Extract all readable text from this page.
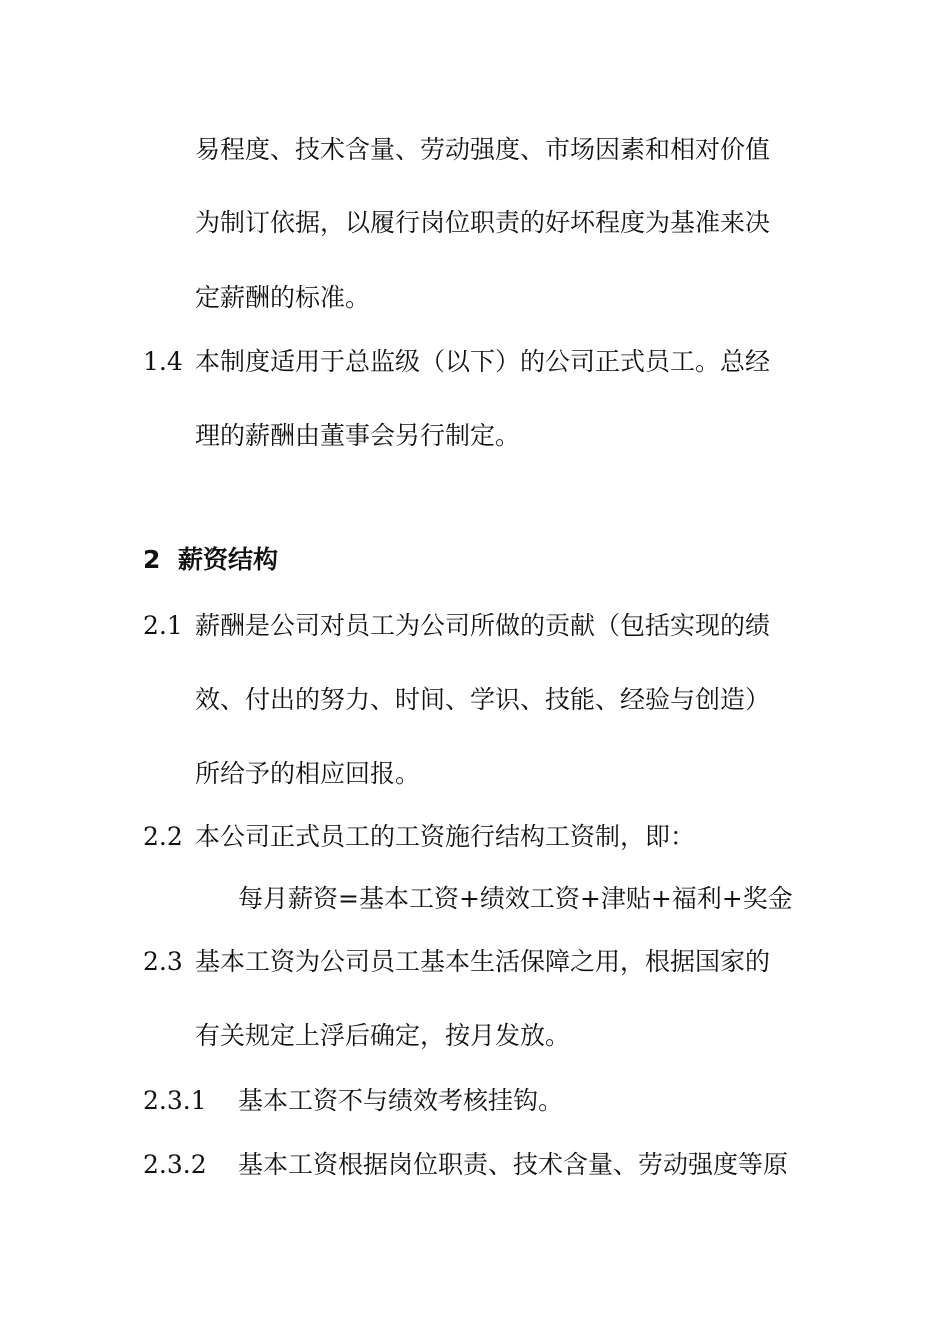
易程度、技术含量、劳动强度、市场因素和相对价值
为制订依据，以履行岗位职责的好坏程度为基准来决
定薪酬的标准。
1.4 本制度适用于总监级（以下）的公司正式员工。总经
理的薪酬由董事会另行制定。
2 薪资结构
2.1 薪酬是公司对员工为公司所做的贡献（包括实现的绩
效、付出的努力、时间、学识、技能、经验与创造）
所给予的相应回报。
2.2 本公司正式员工的工资施行结构工资制，即：
每月薪资=基本工资+绩效工资+津贴+福利+奖金
2.3 基本工资为公司员工基本生活保障之用，根据国家的
有关规定上浮后确定，按月发放。
2.3.1 基本工资不与绩效考核挂钩。
2.3.2 基本工资根据岗位职责、技术含量、劳动强度等原
